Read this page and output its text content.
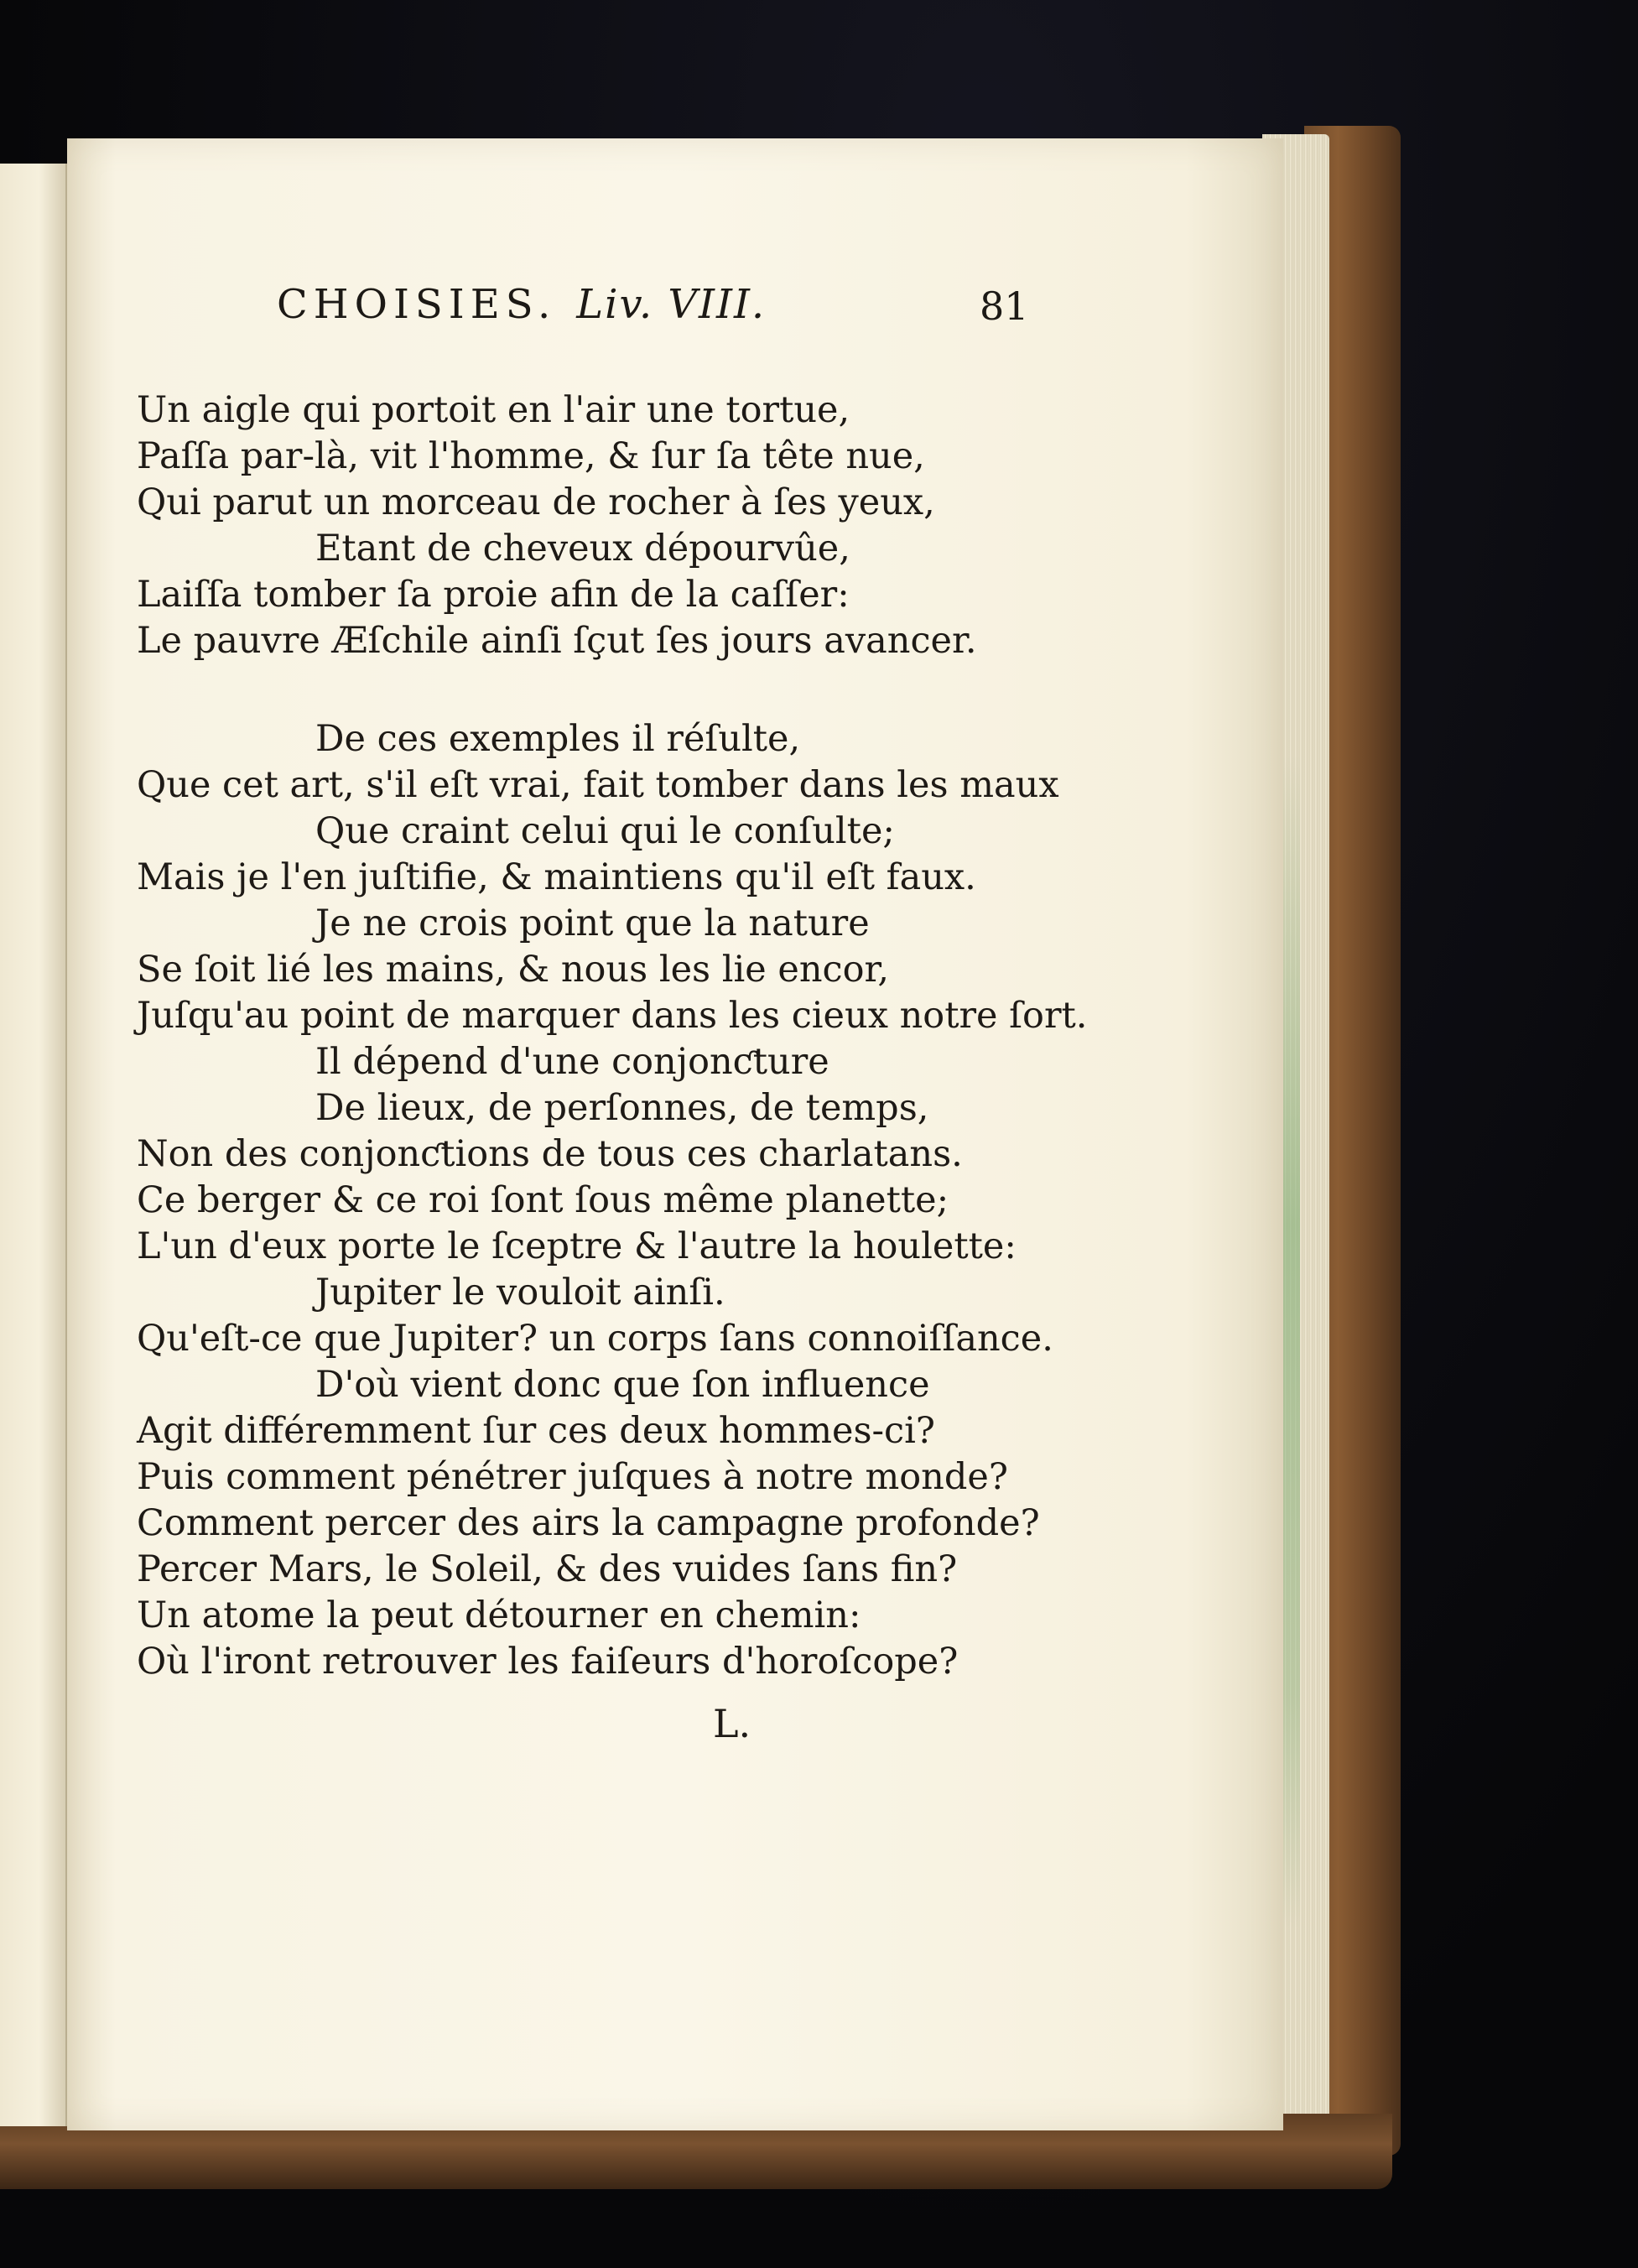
CHOISIES. Liv. VIII.	81
Un aigle qui portoit en l'air une tortue,
Paſſa par-là, vit l'homme, & ſur ſa tête nue,
Qui parut un morceau de rocher à ſes yeux,
Etant de cheveux dépourvûe,
Laiſſa tomber ſa proie afin de la caſſer:
Le pauvre Æſchile ainſi ſçut ſes jours avancer.
De ces exemples il réſulte,
Que cet art, s'il eſt vrai, fait tomber dans les maux
Que craint celui qui le conſulte;
Mais je l'en juſtifie, & maintiens qu'il eſt faux.
Je ne crois point que la nature
Se ſoit lié les mains, & nous les lie encor,
Juſqu'au point de marquer dans les cieux notre ſort.
Il dépend d'une conjonƈture
De lieux, de perſonnes, de temps,
Non des conjonƈtions de tous ces charlatans.
Ce berger & ce roi ſont ſous même planette;
L'un d'eux porte le ſceptre & l'autre la houlette:
Jupiter le vouloit ainſi.
Qu'eſt-ce que Jupiter? un corps ſans connoiſſance.
D'où vient donc que ſon influence
Agit différemment ſur ces deux hommes-ci?
Puis comment pénétrer juſques à notre monde?
Comment percer des airs la campagne profonde?
Percer Mars, le Soleil, & des vuides ſans fin?
Un atome la peut détourner en chemin:
Où l'iront retrouver les faiſeurs d'horoſcope?
L.
